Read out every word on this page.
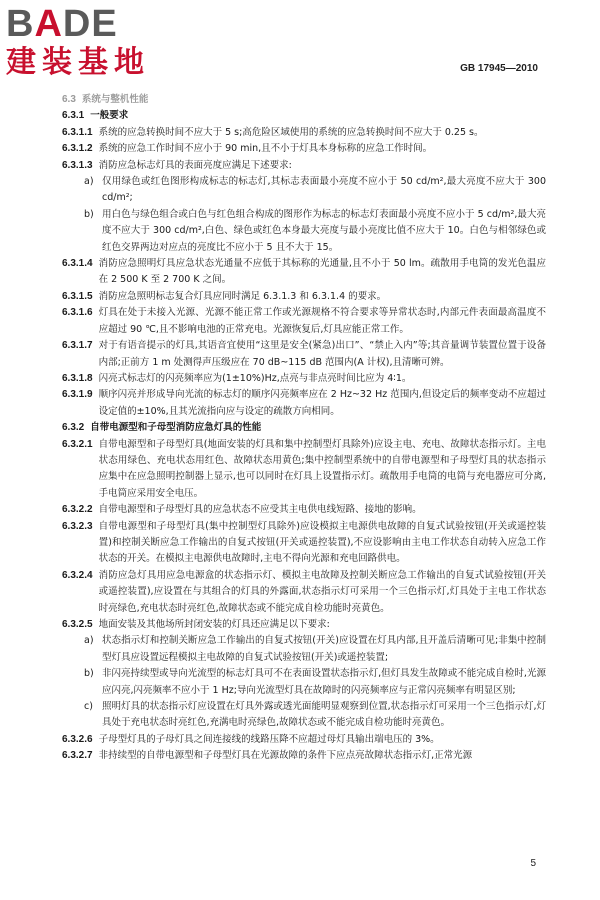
BADE
建装基地	GB 17945—2010
6.3 系统与整机性能
6.3.1 一般要求
6.3.1.1 系统的应急转换时间不应大于 5 s;高危险区域使用的系统的应急转换时间不应大于 0.25 s。
6.3.1.2 系统的应急工作时间不应小于 90 min,且不小于灯具本身标称的应急工作时间。
6.3.1.3 消防应急标志灯具的表面亮度应满足下述要求:
a) 仅用绿色或红色图形构成标志的标志灯,其标志表面最小亮度不应小于 50 cd/m²,最大亮度不应大于 300 cd/m²;
b) 用白色与绿色组合或白色与红色组合构成的图形作为标志的标志灯表面最小亮度不应小于 5 cd/m²,最大亮度不应大于 300 cd/m²,白色、绿色或红色本身最大亮度与最小亮度比值不应大于 10。白色与相邻绿色或红色交界两边对应点的亮度比不应小于 5 且不大于 15。
6.3.1.4 消防应急照明灯具应急状态光通量不应低于其标称的光通量,且不小于 50 lm。疏散用手电筒的发光色温应在 2 500 K 至 2 700 K 之间。
6.3.1.5 消防应急照明标志复合灯具应同时满足 6.3.1.3 和 6.3.1.4 的要求。
6.3.1.6 灯具在处于未接入光源、光源不能正常工作或光源规格不符合要求等异常状态时,内部元件表面最高温度不应超过 90 ℃,且不影响电池的正常充电。光源恢复后,灯具应能正常工作。
6.3.1.7 对于有语音提示的灯具,其语音宜使用“这里是安全(紧急)出口”、“禁止入内”等;其音量调节装置位置于设备内部;正前方 1 m 处测得声压级应在 70 dB~115 dB 范围内(A 计权),且清晰可辨。
6.3.1.8 闪亮式标志灯的闪亮频率应为(1±10%)Hz,点亮与非点亮时间比应为 4∶1。
6.3.1.9 顺序闪亮并形成导向光流的标志灯的顺序闪亮频率应在 2 Hz~32 Hz 范围内,但设定后的频率变动不应超过设定值的±10%,且其光流指向应与设定的疏散方向相同。
6.3.2 自带电源型和子母型消防应急灯具的性能
6.3.2.1 自带电源型和子母型灯具(地面安装的灯具和集中控制型灯具除外)应设主电、充电、故障状态指示灯。主电状态用绿色、充电状态用红色、故障状态用黄色;集中控制型系统中的自带电源型和子母型灯具的状态指示应集中在应急照明控制器上显示,也可以同时在灯具上设置指示灯。疏散用手电筒的电筒与充电器应可分离,手电筒应采用安全电压。
6.3.2.2 自带电源型和子母型灯具的应急状态不应受其主电供电线短路、接地的影响。
6.3.2.3 自带电源型和子母型灯具(集中控制型灯具除外)应设模拟主电源供电故障的自复式试验按钮(开关或遥控装置)和控制关断应急工作输出的自复式按钮(开关或遥控装置),不应设影响由主电工作状态自动转入应急工作状态的开关。在模拟主电源供电故障时,主电不得向光源和充电回路供电。
6.3.2.4 消防应急灯具用应急电源盒的状态指示灯、模拟主电故障及控制关断应急工作输出的自复式试验按钮(开关或遥控装置),应设置在与其组合的灯具的外露面,状态指示灯可采用一个三色指示灯,灯具处于主电工作状态时亮绿色,充电状态时亮红色,故障状态或不能完成自检功能时亮黄色。
6.3.2.5 地面安装及其他场所封闭安装的灯具还应满足以下要求:
a) 状态指示灯和控制关断应急工作输出的自复式按钮(开关)应设置在灯具内部,且开盖后清晰可见;非集中控制型灯具应设置远程模拟主电故障的自复式试验按钮(开关)或遥控装置;
b) 非闪亮持续型或导向光流型的标志灯具可不在表面设置状态指示灯,但灯具发生故障或不能完成自检时,光源应闪亮,闪亮频率不应小于 1 Hz;导向光流型灯具在故障时的闪亮频率应与正常闪亮频率有明显区别;
c) 照明灯具的状态指示灯应设置在灯具外露或透光面能明显观察到位置,状态指示灯可采用一个三色指示灯,灯具处于充电状态时亮红色,充满电时亮绿色,故障状态或不能完成自检功能时亮黄色。
6.3.2.6 子母型灯具的子母灯具之间连接线的线路压降不应超过母灯具输出端电压的 3%。
6.3.2.7 非持续型的自带电源型和子母型灯具在光源故障的条件下应点亮故障状态指示灯,正常光源
5
